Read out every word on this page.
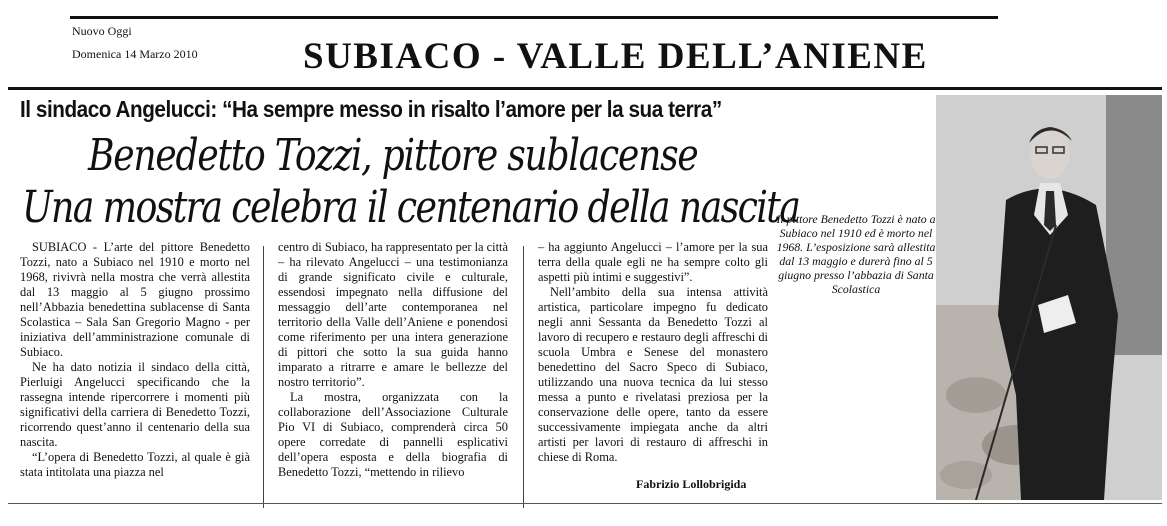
Nuovo Oggi
Domenica 14 Marzo 2010	SUBIACO - VALLE DELL’ANIENE
Il sindaco Angelucci: “Ha sempre messo in risalto l’amore per la sua terra”
Benedetto Tozzi, pittore sublacense
Una mostra celebra il centenario della nascita

SUBIACO - L’arte del pittore Benedetto Tozzi, nato a Subiaco nel 1910 e morto nel 1968, rivivrà nella mostra che verrà allestita dal 13 maggio al 5 giugno prossimo nell’Abbazia benedettina sublacense di Santa Scolastica – Sala San Gregorio Magno - per iniziativa dell’amministrazione comunale di Subiaco.

Ne ha dato notizia il sindaco della città, Pierluigi Angelucci specificando che la rassegna intende ripercorrere i momenti più significativi della carriera di Benedetto Tozzi, ricorrendo quest’anno il centenario della sua nascita.

“L’opera di Benedetto Tozzi, al quale è già stata intitolata una piazza nel

centro di Subiaco, ha rappresentato per la città – ha rilevato Angelucci – una testimonianza di grande significato civile e culturale, essendosi impegnato nella diffusione del messaggio dell’arte contemporanea nel territorio della Valle dell’Aniene e ponendosi come riferimento per una intera generazione di pittori che sotto la sua guida hanno imparato a ritrarre e amare le bellezze del nostro territorio”.

La mostra, organizzata con la collaborazione dell’Associazione Culturale Pio VI di Subiaco, comprenderà circa 50 opere corredate di pannelli esplicativi dell’opera esposta e della biografia di Benedetto Tozzi, “mettendo in rilievo

– ha aggiunto Angelucci – l’amore per la sua terra della quale egli ne ha sempre colto gli aspetti più intimi e suggestivi”.

Nell’ambito della sua intensa attività artistica, particolare impegno fu dedicato negli anni Sessanta da Benedetto Tozzi al lavoro di recupero e restauro degli affreschi di scuola Umbra e Senese del monastero benedettino del Sacro Speco di Subiaco, utilizzando una nuova tecnica da lui stesso messa a punto e rivelatasi preziosa per la conservazione delle opere, tanto da essere successivamente impiegata anche da altri artisti per lavori di restauro di affreschi in chiese di Roma.

Fabrizio Lollobrigida
Il pittore Benedetto Tozzi è nato a Subiaco nel 1910 ed è morto nel 1968. L’esposizione sarà allestita dal 13 maggio e durerà fino al 5 giugno presso l’abbazia di Santa Scolastica
